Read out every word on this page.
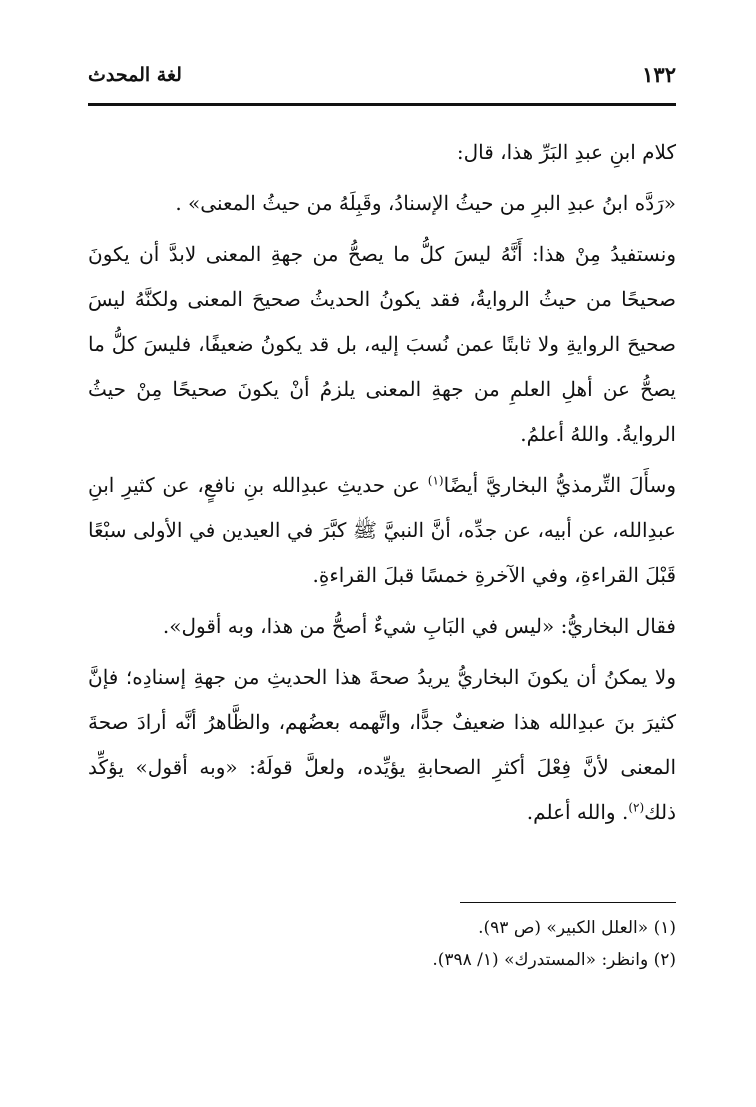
١٣٢
لغة المحدث

كلام ابنِ عبدِ البَرِّ هذا، قال:

«رَدَّه ابنُ عبدِ البرِ من حيثُ الإسنادُ، وقَبِلَهُ من حيثُ المعنى» .

ونستفيدُ مِنْ هذا: أَنَّهُ ليسَ كلُّ ما يصحُّ من جهةِ المعنى لابدَّ أن يكونَ صحيحًا من حيثُ الروايةُ، فقد يكونُ الحديثُ صحيحَ المعنى ولكنَّهُ ليسَ صحيحَ الروايةِ ولا ثابتًا عمن نُسبَ إليه، بل قد يكونُ ضعيفًا، فليسَ كلُّ ما يصحُّ عن أهلِ العلمِ من جهةِ المعنى يلزمُ أنْ يكونَ صحيحًا مِنْ حيثُ الروايةُ. واللهُ أعلمُ.

وسأَلَ التِّرمذيُّ البخاريَّ أيضًا$^{(١)}$ عن حديثِ عبدِالله بنِ نافعٍ، عن كثيرِ ابنِ عبدِالله، عن أبيه، عن جدِّه، أنَّ النبيَّ ﷺ كبَّرَ في العيدين في الأولى سبْعًا قَبْلَ القراءةِ، وفي الآخرةِ خمسًا قبلَ القراءةِ.

فقال البخاريُّ: «ليس في البَابِ شيءٌ أصحُّ من هذا، وبه أقول».

ولا يمكنُ أن يكونَ البخاريُّ يريدُ صحةَ هذا الحديثِ من جهةِ إسنادِه؛ فإنَّ كثيرَ بنَ عبدِالله هذا ضعيفٌ جدًّا، واتَّهمه بعضُهم، والظَّاهرُ أنَّه أرادَ صحةَ المعنى لأنَّ فِعْلَ أكثرِ الصحابةِ يؤيِّده، ولعلَّ قولَهُ: «وبه أقول» يؤكِّد ذلك$^{(٢)}$. والله أعلم.

(١) «العلل الكبير» (ص ٩٣).

(٢) وانظر: «المستدرك» (١/ ٣٩٨).
